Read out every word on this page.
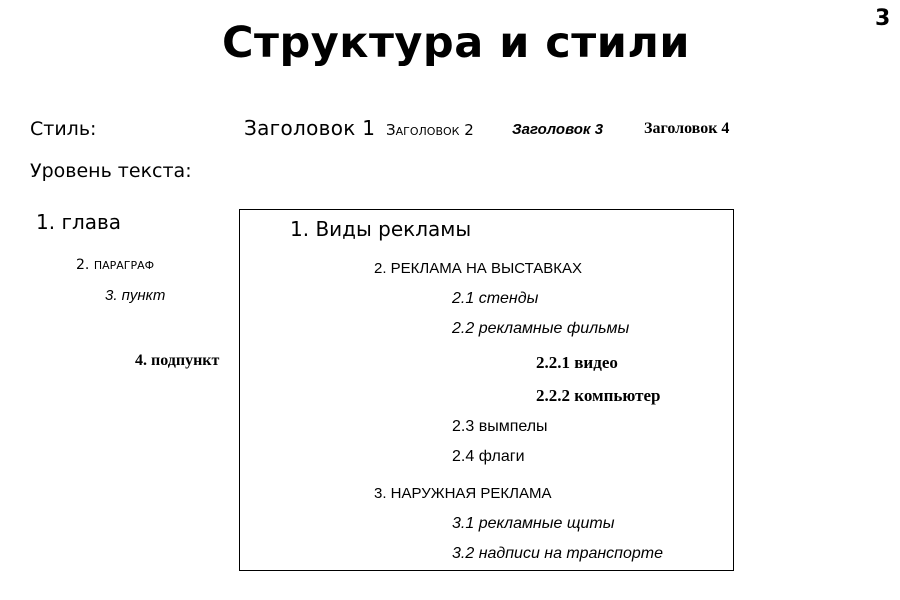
3
Структура и стили
Стиль:	Заголовок 1 Заголовок 2	Заголовок 3	Заголовок 4
Уровень текста:
1. глава
2. ПАРАГРАФ
3. пункт
4. подпункт
1. Виды рекламы
2. РЕКЛАМА НА ВЫСТАВКАХ
2.1 стенды
2.2 рекламные фильмы
2.2.1 видео
2.2.2 компьютер
2.3 вымпелы
2.4 флаги
3. НАРУЖНАЯ РЕКЛАМА
3.1 рекламные щиты
3.2 надписи на транспорте
